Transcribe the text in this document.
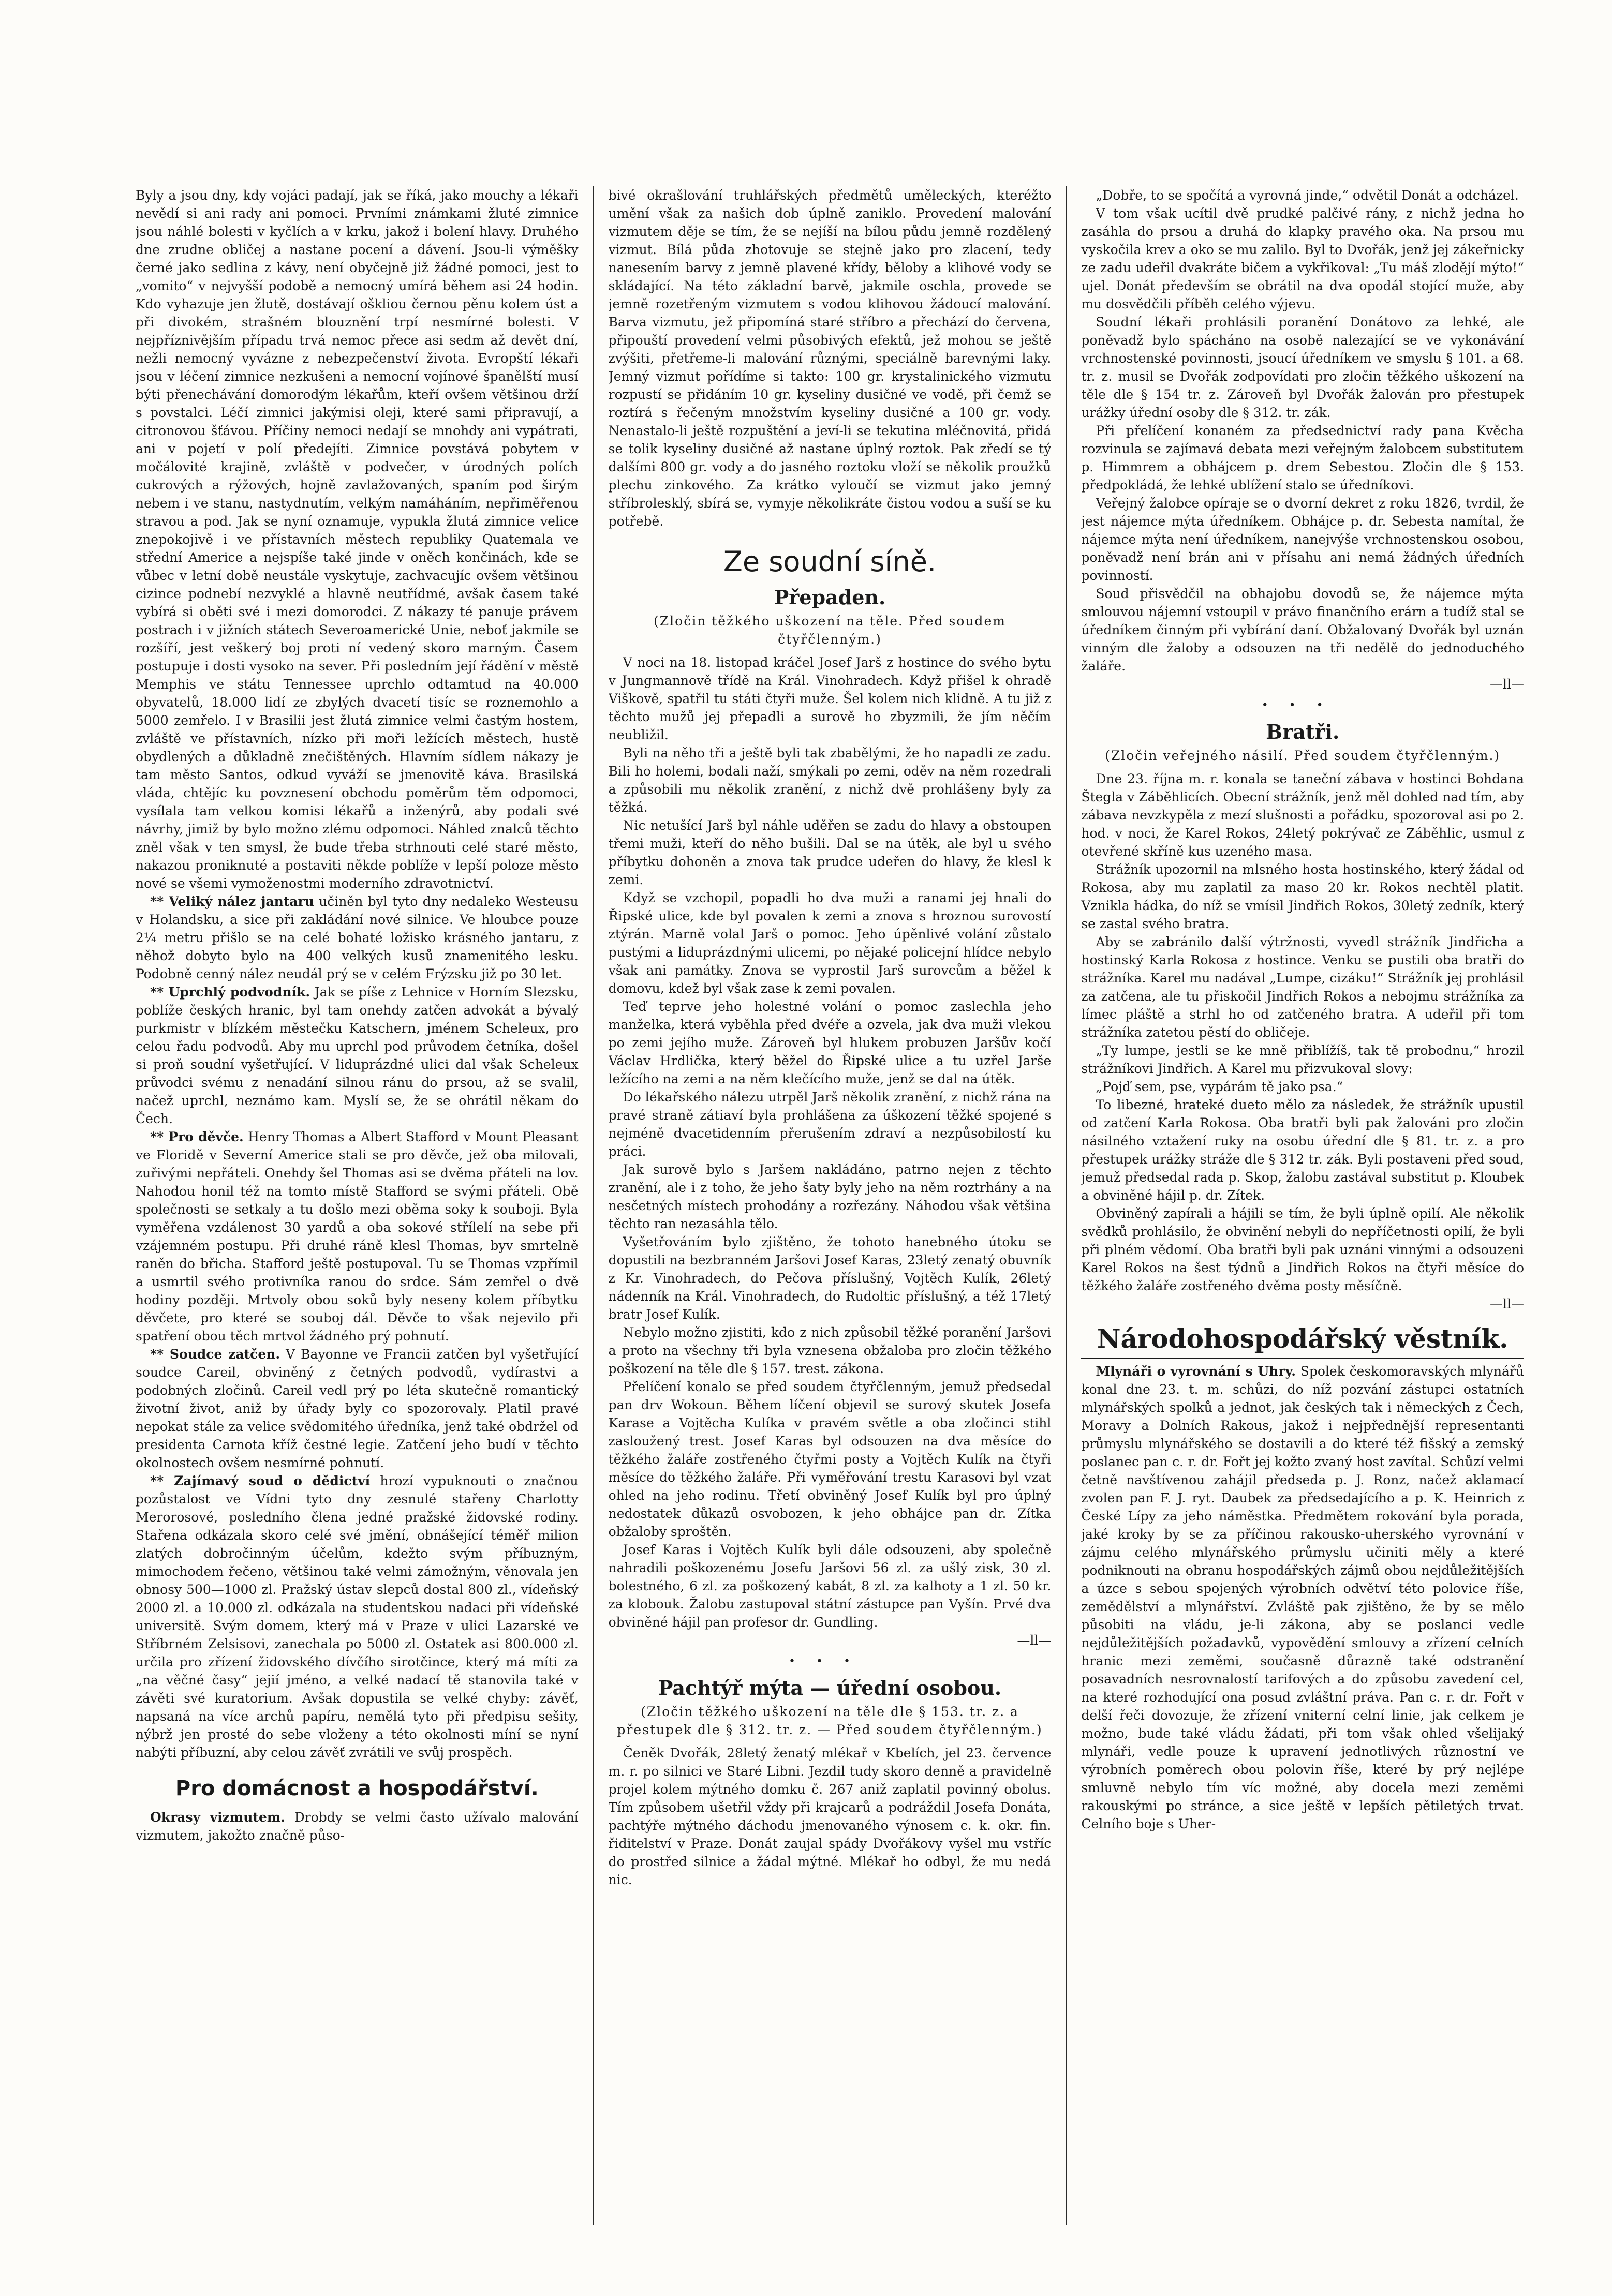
Byly a jsou dny, kdy vojáci padají, jak se říká, jako mouchy a lékaři nevědí si ani rady ani pomoci. Prvními známkami žluté zimnice jsou náhlé bolesti v kyčlích a v krku, jakož i bolení hlavy. Druhého dne zrudne obličej a nastane pocení a dávení. Jsou-li výměšky černé jako sedlina z kávy, není obyčejně již žádné pomoci, jest to „vomito“ v nejvyšší podobě a nemocný umírá během asi 24 hodin. Kdo vyhazuje jen žlutě, dostávají oškliou černou pěnu kolem úst a při divokém, strašném blouznění trpí nesmírné bolesti. V nejpříznivějším případu trvá nemoc přece asi sedm až devět dní, nežli nemocný vyvázne z nebezpečenství života. Evropští lékaři jsou v léčení zimnice nezkušeni a nemocní vojínové španělští musí býti přenechávání domorodým lékařům, kteří ovšem většinou drží s povstalci. Léčí zimnici jakýmisi oleji, které sami připravují, a citronovou šťávou. Příčiny nemoci nedají se mnohdy ani vypátrati, ani v pojetí v polí předejíti. Zimnice povstává pobytem v močálovité krajině, zvláště v podvečer, v úrodných polích cukrových a rýžových, hojně zavlažovaných, spaním pod širým nebem i ve stanu, nastydnutím, velkým namáháním, nepřiměřenou stravou a pod. Jak se nyní oznamuje, vypukla žlutá zimnice velice znepokojivě i ve přístavních městech republiky Quatemala ve střední Americe a nejspíše také jinde v oněch končinách, kde se vůbec v letní době neustále vyskytuje, zachvacujíc ovšem většinou cizince podnebí nezvyklé a hlavně neutřídmé, avšak časem také vybírá si oběti své i mezi domorodci. Z nákazy té panuje právem postrach i v jižních státech Severoamerické Unie, neboť jakmile se rozšíří, jest veškerý boj proti ní vedený skoro marným. Časem postupuje i dosti vysoko na sever. Při posledním její řádění v městě Memphis ve státu Tennessee uprchlo odtamtud na 40.000 obyvatelů, 18.000 lidí ze zbylých dvacetí tisíc se roznemohlo a 5000 zemřelo. I v Brasilii jest žlutá zimnice velmi častým hostem, zvláště ve přístavních, nízko při moři ležících městech, hustě obydlených a důkladně znečištěných. Hlavním sídlem nákazy je tam město Santos, odkud vyváží se jmenovitě káva. Brasilská vláda, chtějíc ku povznesení obchodu poměrům těm odpomoci, vysílala tam velkou komisi lékařů a inženýrů, aby podali své návrhy, jimiž by bylo možno zlému odpomoci. Náhled znalců těchto zněl však v ten smysl, že bude třeba strhnouti celé staré město, nakazou proniknuté a postaviti někde poblíže v lepší poloze město nové se všemi vymoženostmi moderního zdravotnictví.

** Veliký nález jantaru učiněn byl tyto dny nedaleko Westeusu v Holandsku, a sice při zakládání nové silnice. Ve hloubce pouze 2¼ metru přišlo se na celé bohaté ložisko krásného jantaru, z něhož dobyto bylo na 400 velkých kusů znamenitého lesku. Podobně cenný nález neudál prý se v celém Frýzsku již po 30 let.

** Uprchlý podvodník. Jak se píše z Lehnice v Horním Slezsku, poblíže českých hranic, byl tam onehdy zatčen advokát a bývalý purkmistr v blízkém městečku Katschern, jménem Scheleux, pro celou řadu podvodů. Aby mu uprchl pod průvodem četníka, došel si proň soudní vyšetřující. V liduprázdné ulici dal však Scheleux průvodci svému z nenadání silnou ránu do prsou, až se svalil, načež uprchl, neznámo kam. Myslí se, že se ohrátil někam do Čech.

** Pro děvče. Henry Thomas a Albert Stafford v Mount Pleasant ve Floridě v Severní Americe stali se pro děvče, jež oba milovali, zuřivými nepřáteli. Onehdy šel Thomas asi se dvěma přáteli na lov. Nahodou honil též na tomto místě Stafford se svými přáteli. Obě společnosti se setkaly a tu došlo mezi oběma soky k souboji. Byla vyměřena vzdálenost 30 yardů a oba sokové střílelí na sebe při vzájemném postupu. Při druhé ráně klesl Thomas, byv smrtelně raněn do břicha. Stafford ještě postupoval. Tu se Thomas vzpřímil a usmrtil svého protivníka ranou do srdce. Sám zemřel o dvě hodiny později. Mrtvoly obou soků byly neseny kolem příbytku děvčete, pro které se souboj dál. Děvče to však nejevilo při spatření obou těch mrtvol žádného prý pohnutí.

** Soudce zatčen. V Bayonne ve Francii zatčen byl vyšetřující soudce Careil, obviněný z četných podvodů, vydírastvi a podobných zločinů. Careil vedl prý po léta skutečně romantický životní život, aniž by úřady byly co spozorovaly. Platil pravé nepokat stále za velice svědomitého úředníka, jenž také obdržel od presidenta Carnota kříž čestné legie. Zatčení jeho budí v těchto okolnostech ovšem nesmírné pohnutí.

** Zajímavý soud o dědictví hrozí vypuknouti o značnou pozůstalost ve Vídni tyto dny zesnulé stařeny Charlotty Merorosové, posledního člena jedné pražské židovské rodiny. Stařena odkázala skoro celé své jmění, obnášející téměř milion zlatých dobročinným účelům, kdežto svým příbuzným, mimochodem řečeno, většinou také velmi zámožným, věnovala jen obnosy 500—1000 zl. Pražský ústav slepců dostal 800 zl., vídeňský 2000 zl. a 10.000 zl. odkázala na studentskou nadaci při vídeňské universitě. Svým domem, který má v Praze v ulici Lazarské ve Stříbrném Zelsisovi, zanechala po 5000 zl. Ostatek asi 800.000 zl. určila pro zřízení židovského dívčího sirotčince, který má míti za „na věčné časy“ jejií jméno, a velké nadací tě stanovila také v závěti své kuratorium. Avšak dopustila se velké chyby: závěť, napsaná na více archů papíru, nemělá tyto při předpisu sešity, nýbrž jen prosté do sebe vloženy a této okolnosti míní se nyní nabýti příbuzní, aby celou závěť zvrátili ve svůj prospěch.

Pro domácnost a hospodářství.

Okrasy vizmutem. Drobdy se velmi často užívalo malování vizmutem, jakožto značně půso-

bivé okrašlování truhlářských předmětů uměleckých, kteréžto umění však za našich dob úplně zaniklo. Provedení malování vizmutem děje se tím, že se nejíší na bílou půdu jemně rozdělený vizmut. Bílá půda zhotovuje se stejně jako pro zlacení, tedy nanesením barvy z jemně plavené křídy, běloby a klihové vody se skládající. Na této základní barvě, jakmile oschla, provede se jemně rozetřeným vizmutem s vodou klihovou žádoucí malování. Barva vizmutu, jež připomíná staré stříbro a přechází do červena, připouští provedení velmi působivých efektů, jež mohou se ještě zvýšiti, přetřeme-li malování různými, speciálně barevnými laky. Jemný vizmut pořídíme si takto: 100 gr. krystalinického vizmutu rozpustí se přidáním 10 gr. kyseliny dusičné ve vodě, při čemž se roztírá s řečeným množstvím kyseliny dusičné a 100 gr. vody. Nenastalo-li ještě rozpuštění a jeví-li se tekutina mléčnovitá, přidá se tolik kyseliny dusičné až nastane úplný roztok. Pak zředí se tý dalšími 800 gr. vody a do jasného roztoku vloží se několik proužků plechu zinkového. Za krátko vyloučí se vizmut jako jemný stříbrolesklý, sbírá se, vymyje několikráte čistou vodou a suší se ku potřebě.

Ze soudní síně.
Přepaden.
(Zločin těžkého uškození na těle. Před soudem čtyřčlenným.)

V noci na 18. listopad kráčel Josef Jarš z hostince do svého bytu v Jungmannově třídě na Král. Vinohradech. Když přišel k ohradě Viškově, spatřil tu státi čtyři muže. Šel kolem nich klidně. A tu již z těchto mužů jej přepadli a surově ho zbyzmili, že jím něčím neubližil.

Byli na něho tři a ještě byli tak zbabělými, že ho napadli ze zadu. Bili ho holemi, bodali naží, smýkali po zemi, oděv na něm rozedrali a způsobili mu několik zranění, z nichž dvě prohlášeny byly za těžká.

Nic netušící Jarš byl náhle uděřen se zadu do hlavy a obstoupen třemi muži, kteří do něho bušili. Dal se na útěk, ale byl u svého příbytku dohoněn a znova tak prudce udeřen do hlavy, že klesl k zemi.

Když se vzchopil, popadli ho dva muži a ranami jej hnali do Řipské ulice, kde byl povalen k zemi a znova s hroznou surovostí ztýrán. Marně volal Jarš o pomoc. Jeho úpěnlivé volání zůstalo pustými a liduprázdnými ulicemi, po nějaké policejní hlídce nebylo však ani památky. Znova se vyprostil Jarš surovcům a běžel k domovu, kdež byl však zase k zemi povalen.

Teď teprve jeho holestné volání o pomoc zaslechla jeho manželka, která vyběhla před dvéře a ozvela, jak dva muži vlekou po zemi jejího muže. Zároveň byl hlukem probuzen Jaršův kočí Václav Hrdlička, který běžel do Řipské ulice a tu uzřel Jarše ležícího na zemi a na něm klečícího muže, jenž se dal na útěk.

Do lékařského nálezu utrpěl Jarš několik zranění, z nichž rána na pravé straně zátiaví byla prohlášena za úškození těžké spojené s nejméně dvacetidenním přerušením zdraví a nezpůsobilostí ku práci.

Jak surově bylo s Jaršem nakládáno, patrno nejen z těchto zranění, ale i z toho, že jeho šaty byly jeho na něm roztrhány a na nesčetných místech prohodány a rozřezány. Náhodou však většina těchto ran nezasáhla tělo.

Vyšetřováním bylo zjištěno, že tohoto hanebného útoku se dopustili na bezbranném Jaršovi Josef Karas, 23letý zenatý obuvník z Kr. Vinohradech, do Pečova příslušný, Vojtěch Kulík, 26letý nádenník na Král. Vinohradech, do Rudoltic příslušný, a též 17letý bratr Josef Kulík.

Nebylo možno zjistiti, kdo z nich způsobil těžké poranění Jaršovi a proto na všechny tři byla vznesena obžaloba pro zločin těžkého poškození na těle dle § 157. trest. zákona.

Přelíčení konalo se před soudem čtyřčlenným, jemuž předsedal pan drv Wokoun. Během líčení objevil se surový skutek Josefa Karase a Vojtěcha Kulíka v pravém světle a oba zločinci stihl zasloužený trest. Josef Karas byl odsouzen na dva měsíce do těžkého žaláře zostřeného čtyřmi posty a Vojtěch Kulík na čtyři měsíce do těžkého žaláře. Při vyměřování trestu Karasovi byl vzat ohled na jeho rodinu. Třetí obviněný Josef Kulík byl pro úplný nedostatek důkazů osvobozen, k jeho obhájce pan dr. Zítka obžaloby sproštěn.

Josef Karas i Vojtěch Kulík byli dále odsouzeni, aby společně nahradili poškozenému Josefu Jaršovi 56 zl. za ušlý zisk, 30 zl. bolestného, 6 zl. za poškozený kabát, 8 zl. za kalhoty a 1 zl. 50 kr. za klobouk. Žalobu zastupoval státní zástupce pan Vyšín. Prvé dva obviněné hájil pan profesor dr. Gundling.

—ll—
•••
Pachtýř mýta — úřední osobou.
(Zločin těžkého uškození na těle dle § 153. tr. z. a přestupek dle § 312. tr. z. — Před soudem čtyřčlenným.)

Čeněk Dvořák, 28letý ženatý mlékař v Kbelích, jel 23. července m. r. po silnici ve Staré Libni. Jezdil tudy skoro denně a pravidelně projel kolem mýtného domku č. 267 aniž zaplatil povinný obolus. Tím způsobem ušetřil vždy při krajcarů a podráždil Josefa Donáta, pachtýře mýtného dáchodu jmenovaného výnosem c. k. okr. fin. řiditelství v Praze. Donát zaujal spády Dvořákovy vyšel mu vstříc do prostřed silnice a žádal mýtné. Mlékař ho odbyl, že mu nedá nic.

„Dobře, to se spočítá a vyrovná jinde,“ odvětil Donát a odcházel.

V tom však ucítil dvě prudké palčivé rány, z nichž jedna ho zasáhla do prsou a druhá do klapky pravého oka. Na prsou mu vyskočila krev a oko se mu zalilo. Byl to Dvořák, jenž jej zákeřnicky ze zadu udeřil dvakráte bičem a vykřikoval: „Tu máš zlodějí mýto!“ ujel. Donát především se obrátil na dva opodál stojící muže, aby mu dosvědčili příběh celého výjevu.

Soudní lékaři prohlásili poranění Donátovo za lehké, ale poněvadž bylo spácháno na osobě nalezající se ve vykonávání vrchnostenské povinnosti, jsoucí úředníkem ve smyslu § 101. a 68. tr. z. musil se Dvořák zodpovídati pro zločin těžkého uškození na těle dle § 154 tr. z. Zároveň byl Dvořák žalován pro přestupek urážky úřední osoby dle § 312. tr. zák.

Při přelíčení konaném za předsednictví rady pana Kvěcha rozvinula se zajímavá debata mezi veřejným žalobcem substitutem p. Himmrem a obhájcem p. drem Sebestou. Zločin dle § 153. předpokládá, že lehké ublížení stalo se úředníkovi.

Veřejný žalobce opíraje se o dvorní dekret z roku 1826, tvrdil, že jest nájemce mýta úředníkem. Obhájce p. dr. Sebesta namítal, že nájemce mýta není úředníkem, nanejvýše vrchnostenskou osobou, poněvadž není brán ani v přísahu ani nemá žádných úředních povinností.

Soud přisvědčil na obhajobu dovodů se, že nájemce mýta smlouvou nájemní vstoupil v právo finančního erárn a tudíž stal se úředníkem činným při vybírání daní. Obžalovaný Dvořák byl uznán vinným dle žaloby a odsouzen na tři nedělě do jednoduchého žaláře.

—ll—
•••
Bratři.
(Zločin veřejného násilí. Před soudem čtyřčlenným.)

Dne 23. října m. r. konala se taneční zábava v hostinci Bohdana Štegla v Záběhlicích. Obecní strážník, jenž měl dohled nad tím, aby zábava nevzkypěla z mezí slušnosti a pořádku, spozoroval asi po 2. hod. v noci, že Karel Rokos, 24letý pokrývač ze Záběhlic, usmul z otevřené skříně kus uzeného masa.

Strážník upozornil na mlsného hosta hostinského, který žádal od Rokosa, aby mu zaplatil za maso 20 kr. Rokos nechtěl platit. Vznikla hádka, do níž se vmísil Jindřich Rokos, 30letý zedník, který se zastal svého bratra.

Aby se zabránilo další výtržnosti, vyvedl strážník Jindřicha a hostinský Karla Rokosa z hostince. Venku se pustili oba bratři do strážníka. Karel mu nadával „Lumpe, cizáku!“ Strážník jej prohlásil za zatčena, ale tu přiskočil Jindřich Rokos a nebojmu strážníka za límec pláště a strhl ho od zatčeného bratra. A udeřil při tom strážníka zatetou pěstí do obličeje.

„Ty lumpe, jestli se ke mně přiblížíš, tak tě probodnu,“ hrozil strážníkovi Jindřich. A Karel mu přizvukoval slovy:

„Pojď sem, pse, vypárám tě jako psa.“

To libezné, hrateké dueto mělo za následek, že strážník upustil od zatčení Karla Rokosa. Oba bratři byli pak žalováni pro zločin násilného vztažení ruky na osobu úřední dle § 81. tr. z. a pro přestupek urážky stráže dle § 312 tr. zák. Byli postaveni před soud, jemuž předsedal rada p. Skop, žalobu zastával substitut p. Kloubek a obviněné hájil p. dr. Zítek.

Obviněný zapírali a hájili se tím, že byli úplně opilí. Ale několik svědků prohlásilo, že obvinění nebyli do nepříčetnosti opilí, že byli při plném vědomí. Oba bratři byli pak uznáni vinnými a odsouzeni Karel Rokos na šest týdnů a Jindřich Rokos na čtyři měsíce do těžkého žaláře zostřeného dvěma posty měsíčně.

—ll—
Národohospodářský věstník.

Mlynáři o vyrovnání s Uhry. Spolek českomoravských mlynářů konal dne 23. t. m. schůzi, do níž pozvání zástupci ostatních mlynářských spolků a jednot, jak českých tak i německých z Čech, Moravy a Dolních Rakous, jakož i nejpřednější representanti průmyslu mlynářského se dostavili a do které též fišský a zemský poslanec pan c. r. dr. Fořt jej kožto zvaný host zavítal. Schůzí velmi četně navštívenou zahájil předseda p. J. Ronz, načež aklamací zvolen pan F. J. ryt. Daubek za předsedajícího a p. K. Heinrich z České Lípy za jeho náměstka. Předmětem rokování byla porada, jaké kroky by se za příčinou rakousko-uherského vyrovnání v zájmu celého mlynářského průmyslu učiniti měly a které podniknouti na obranu hospodářských zájmů obou nejdůležitějších a úzce s sebou spojených výrobních odvětví této polovice říše, zemědělství a mlynářství. Zvláště pak zjištěno, že by se mělo působiti na vládu, je-li zákona, aby se poslanci vedle nejdůležitějších požadavků, vypovědění smlouvy a zřízení celních hranic mezi zeměmi, současně důrazně také odstranění posavadních nesrovnalostí tarifových a do způsobu zavedení cel, na které rozhodující ona posud zvláštní práva. Pan c. r. dr. Fořt v delší řeči dovozuje, že zřízení vniterní celní linie, jak celkem je možno, bude také vládu žádati, při tom však ohled všelijaký mlynáři, vedle pouze k upravení jednotlivých různostní ve výrobních poměrech obou polovin říše, které by prý nejlépe smluvně nebylo tím víc možné, aby docela mezi zeměmi rakouskými po stránce, a sice ještě v lepších pětiletých trvat. Celního boje s Uher-
